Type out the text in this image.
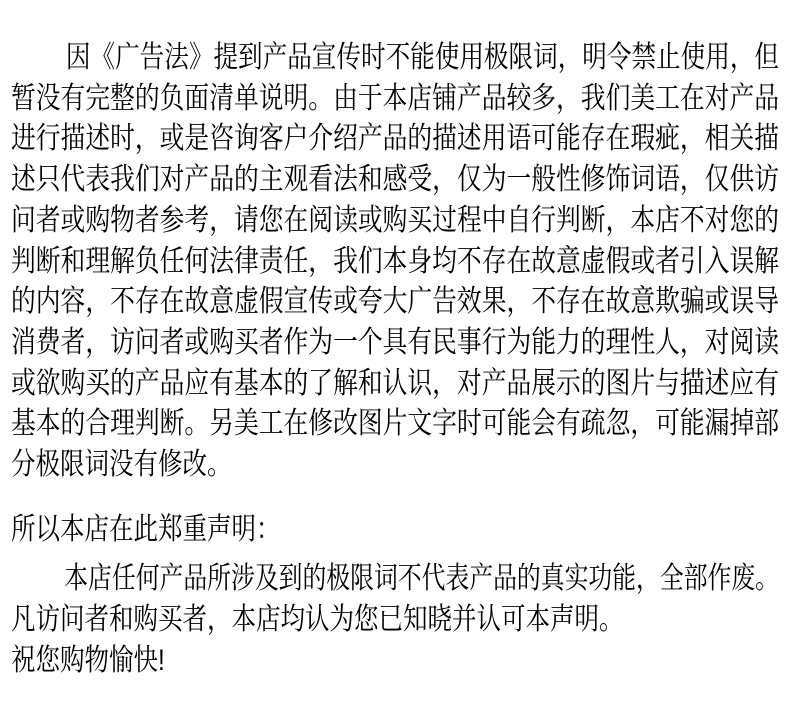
因《广告法》提到产品宣传时不能使用极限词，明令禁止使用，但
暂没有完整的负面清单说明。由于本店铺产品较多，我们美工在对产品
进行描述时，或是咨询客户介绍产品的描述用语可能存在瑕疵，相关描
述只代表我们对产品的主观看法和感受，仅为一般性修饰词语，仅供访
问者或购物者参考，请您在阅读或购买过程中自行判断，本店不对您的
判断和理解负任何法律责任，我们本身均不存在故意虚假或者引入误解
的内容，不存在故意虚假宣传或夸大广告效果，不存在故意欺骗或误导
消费者，访问者或购买者作为一个具有民事行为能力的理性人，对阅读
或欲购买的产品应有基本的了解和认识，对产品展示的图片与描述应有
基本的合理判断。另美工在修改图片文字时可能会有疏忽，可能漏掉部
分极限词没有修改。
所以本店在此郑重声明：
本店任何产品所涉及到的极限词不代表产品的真实功能，全部作废。
凡访问者和购买者，本店均认为您已知晓并认可本声明。
祝您购物愉快!
